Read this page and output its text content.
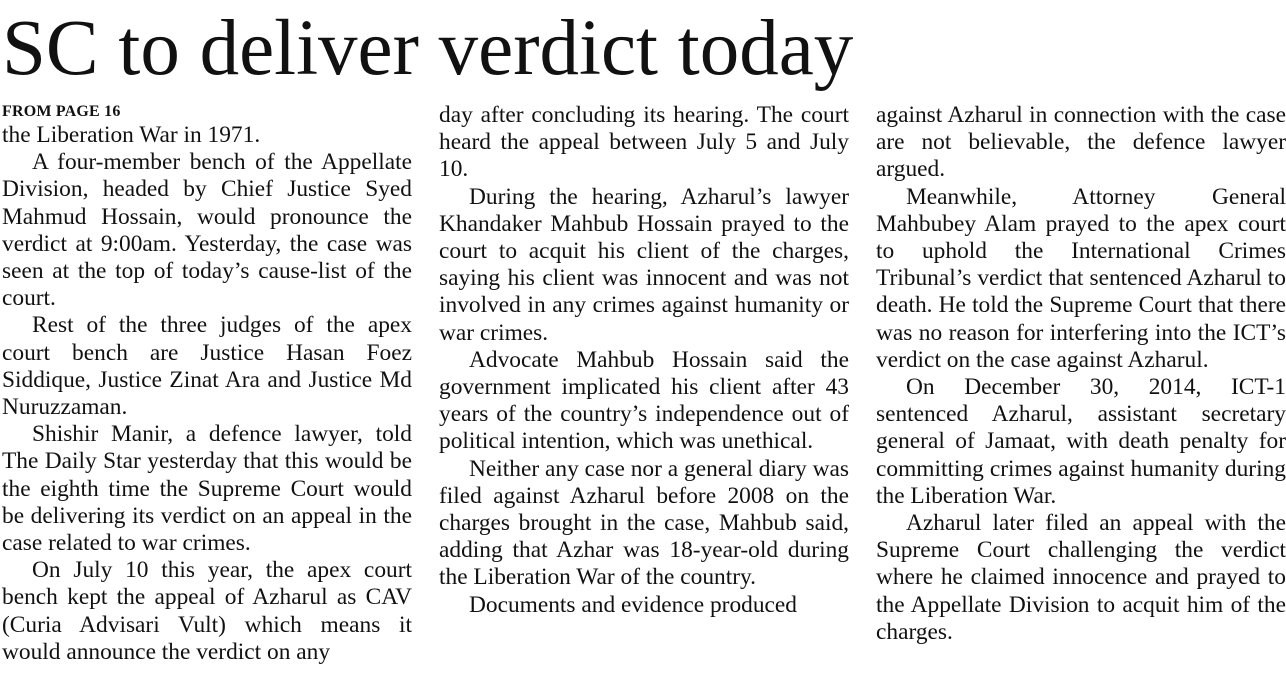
SC to deliver verdict today
FROM PAGE 16

the Liberation War in 1971.

A four-member bench of the Appellate Division, headed by Chief Justice Syed Mahmud Hossain, would pronounce the verdict at 9:00am. Yesterday, the case was seen at the top of today’s cause-list of the court.

Rest of the three judges of the apex court bench are Justice Hasan Foez Siddique, Justice Zinat Ara and Justice Md Nuruzzaman.

Shishir Manir, a defence lawyer, told The Daily Star yesterday that this would be the eighth time the Supreme Court would be delivering its verdict on an appeal in the case related to war crimes.

On July 10 this year, the apex court bench kept the appeal of Azharul as CAV (Curia Advisari Vult) which means it would announce the verdict on any

day after concluding its hearing. The court heard the appeal between July 5 and July 10.

During the hearing, Azharul’s lawyer Khandaker Mahbub Hossain prayed to the court to acquit his client of the charges, saying his client was innocent and was not involved in any crimes against humanity or war crimes.

Advocate Mahbub Hossain said the government implicated his client after 43 years of the country’s independence out of political intention, which was unethical.

Neither any case nor a general diary was filed against Azharul before 2008 on the charges brought in the case, Mahbub said, adding that Azhar was 18-year-old during the Liberation War of the country.

Documents and evidence produced

against Azharul in connection with the case are not believable, the defence lawyer argued.

Meanwhile, Attorney General Mahbubey Alam prayed to the apex court to uphold the International Crimes Tribunal’s verdict that sentenced Azharul to death. He told the Supreme Court that there was no reason for interfering into the ICT’s verdict on the case against Azharul.

On December 30, 2014, ICT-1 sentenced Azharul, assistant secretary general of Jamaat, with death penalty for committing crimes against humanity during the Liberation War.

Azharul later filed an appeal with the Supreme Court challenging the verdict where he claimed innocence and prayed to the Appellate Division to acquit him of the charges.
